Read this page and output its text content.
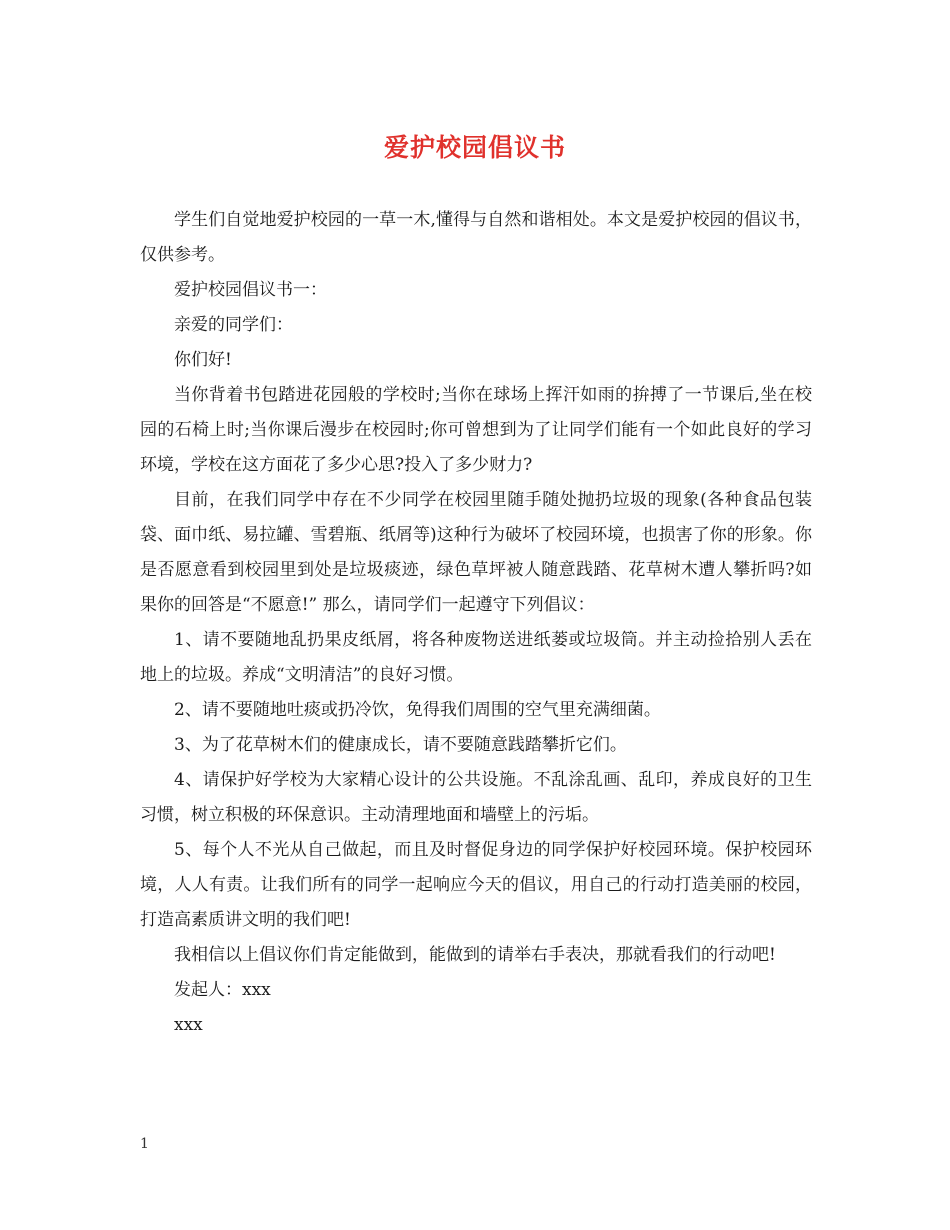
爱护校园倡议书

学生们自觉地爱护校园的一草一木,懂得与自然和谐相处。本文是爱护校园的倡议书，仅供参考。

爱护校园倡议书一：

亲爱的同学们：

你们好!

当你背着书包踏进花园般的学校时;当你在球场上挥汗如雨的拚搏了一节课后,坐在校园的石椅上时;当你课后漫步在校园时;你可曾想到为了让同学们能有一个如此良好的学习环境，学校在这方面花了多少心思?投入了多少财力?

目前，在我们同学中存在不少同学在校园里随手随处抛扔垃圾的现象(各种食品包装袋、面巾纸、易拉罐、雪碧瓶、纸屑等)这种行为破坏了校园环境，也损害了你的形象。你是否愿意看到校园里到处是垃圾痰迹，绿色草坪被人随意践踏、花草树木遭人攀折吗?如果你的回答是“不愿意!” 那么，请同学们一起遵守下列倡议：

1、请不要随地乱扔果皮纸屑，将各种废物送进纸蒌或垃圾筒。并主动捡拾别人丢在地上的垃圾。养成“文明清洁”的良好习惯。

2、请不要随地吐痰或扔冷饮，免得我们周围的空气里充满细菌。

3、为了花草树木们的健康成长，请不要随意践踏攀折它们。

4、请保护好学校为大家精心设计的公共设施。不乱涂乱画、乱印，养成良好的卫生习惯，树立积极的环保意识。主动清理地面和墙壁上的污垢。

5、每个人不光从自己做起，而且及时督促身边的同学保护好校园环境。保护校园环境，人人有责。让我们所有的同学一起响应今天的倡议，用自己的行动打造美丽的校园，打造高素质讲文明的我们吧!

我相信以上倡议你们肯定能做到，能做到的请举右手表决，那就看我们的行动吧!

发起人：xxx

xxx

1
